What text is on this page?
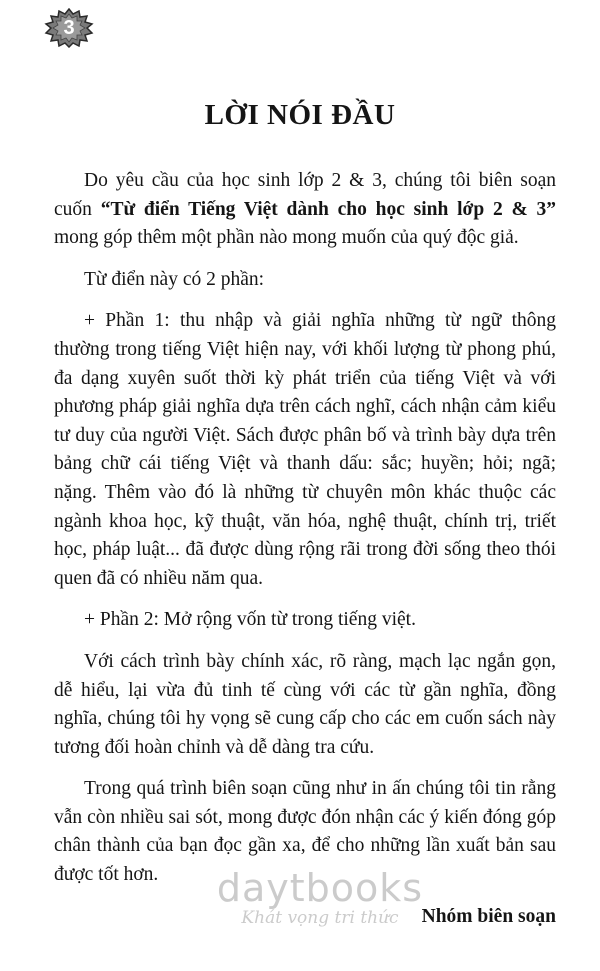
3
LỜI NÓI ĐẦU

Do yêu cầu của học sinh lớp 2 & 3, chúng tôi biên soạn cuốn “Từ điển Tiếng Việt dành cho học sinh lớp 2 & 3” mong góp thêm một phần nào mong muốn của quý độc giả.

Từ điển này có 2 phần:

+ Phần 1: thu nhập và giải nghĩa những từ ngữ thông thường trong tiếng Việt hiện nay, với khối lượng từ phong phú, đa dạng xuyên suốt thời kỳ phát triển của tiếng Việt và với phương pháp giải nghĩa dựa trên cách nghĩ, cách nhận cảm kiểu tư duy của người Việt. Sách được phân bố và trình bày dựa trên bảng chữ cái tiếng Việt và thanh dấu: sắc; huyền; hỏi; ngã; nặng. Thêm vào đó là những từ chuyên môn khác thuộc các ngành khoa học, kỹ thuật, văn hóa, nghệ thuật, chính trị, triết học, pháp luật... đã được dùng rộng rãi trong đời sống theo thói quen đã có nhiều năm qua.

+ Phần 2: Mở rộng vốn từ trong tiếng việt.

Với cách trình bày chính xác, rõ ràng, mạch lạc ngắn gọn, dễ hiểu, lại vừa đủ tinh tế cùng với các từ gần nghĩa, đồng nghĩa, chúng tôi hy vọng sẽ cung cấp cho các em cuốn sách này tương đối hoàn chỉnh và dễ dàng tra cứu.

Trong quá trình biên soạn cũng như in ấn chúng tôi tin rằng vẫn còn nhiều sai sót, mong được đón nhận các ý kiến đóng góp chân thành của bạn đọc gần xa, để cho những lần xuất bản sau được tốt hơn.

Nhóm biên soạn

daytbooks
Khát vọng tri thức
